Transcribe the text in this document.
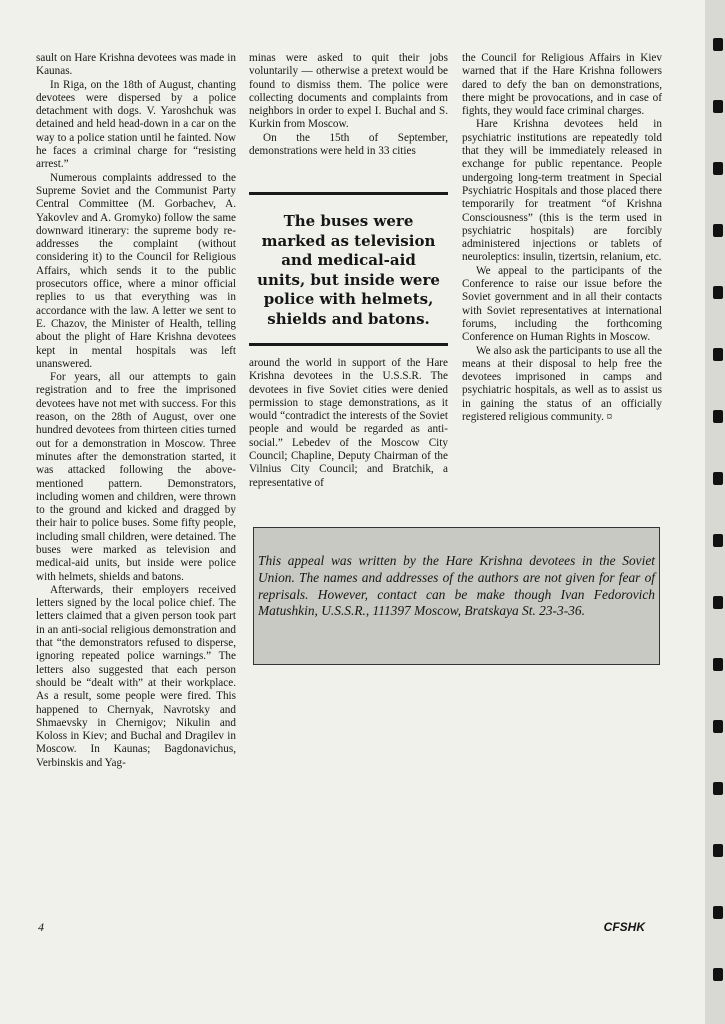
sault on Hare Krishna devotees was made in Kaunas.

In Riga, on the 18th of August, chanting devotees were dispersed by a police detachment with dogs. V. Yaroshchuk was detained and held head-down in a car on the way to a police station until he fainted. Now he faces a criminal charge for “resisting arrest.”

Numerous complaints addressed to the Supreme Soviet and the Communist Party Central Committee (M. Gorbachev, A. Yakovlev and A. Gromyko) follow the same downward itinerary: the supreme body re-addresses the complaint (without considering it) to the Council for Religious Affairs, which sends it to the public prosecutors office, where a minor official replies to us that everything was in accordance with the law. A letter we sent to E. Chazov, the Minister of Health, telling about the plight of Hare Krishna devotees kept in mental hospitals was left unanswered.

For years, all our attempts to gain registration and to free the imprisoned devotees have not met with success. For this reason, on the 28th of August, over one hundred devotees from thirteen cities turned out for a demonstration in Moscow. Three minutes after the demonstration started, it was attacked following the above-mentioned pattern. Demonstrators, including women and children, were thrown to the ground and kicked and dragged by their hair to police buses. Some fifty people, including small children, were detained. The buses were marked as television and medical-aid units, but inside were police with helmets, shields and batons.

Afterwards, their employers received letters signed by the local police chief. The letters claimed that a given person took part in an anti-social religious demonstration and that “the demonstrators refused to disperse, ignoring repeated police warnings.” The letters also suggested that each person should be “dealt with” at their workplace. As a result, some people were fired. This happened to Chernyak, Navrotsky and Shmaevsky in Chernigov; Nikulin and Koloss in Kiev; and Buchal and Dragilev in Moscow. In Kaunas; Bagdonavichus, Verbinskis and Yag-

minas were asked to quit their jobs voluntarily — otherwise a pretext would be found to dismiss them. The police were collecting documents and complaints from neighbors in order to expel I. Buchal and S. Kurkin from Moscow.

On the 15th of September, demonstrations were held in 33 cities

The buses were marked as television and medical-aid units, but inside were police with helmets, shields and batons.

around the world in support of the Hare Krishna devotees in the U.S.S.R. The devotees in five Soviet cities were denied permission to stage demonstrations, as it would “contradict the interests of the Soviet people and would be regarded as anti-social.” Lebedev of the Moscow City Council; Chapline, Deputy Chairman of the Vilnius City Council; and Bratchik, a representative of

the Council for Religious Affairs in Kiev warned that if the Hare Krishna followers dared to defy the ban on demonstrations, there might be provocations, and in case of fights, they would face criminal charges.

Hare Krishna devotees held in psychiatric institutions are repeatedly told that they will be immediately released in exchange for public repentance. People undergoing long-term treatment in Special Psychiatric Hospitals and those placed there temporarily for treatment “of Krishna Consciousness” (this is the term used in psychiatric hospitals) are forcibly administered injections or tablets of neuroleptics: insulin, tizertsin, relanium, etc.

We appeal to the participants of the Conference to raise our issue before the Soviet government and in all their contacts with Soviet representatives at international forums, including the forthcoming Conference on Human Rights in Moscow.

We also ask the participants to use all the means at their disposal to help free the devotees imprisoned in camps and psychiatric hospitals, as well as to assist us in gaining the status of an officially registered religious community. ¤

This appeal was written by the Hare Krishna devotees in the Soviet Union. The names and addresses of the authors are not given for fear of reprisals. However, contact can be make though Ivan Fedorovich Matushkin, U.S.S.R., 111397 Moscow, Bratskaya St. 23-3-36.

4	CFSHK
